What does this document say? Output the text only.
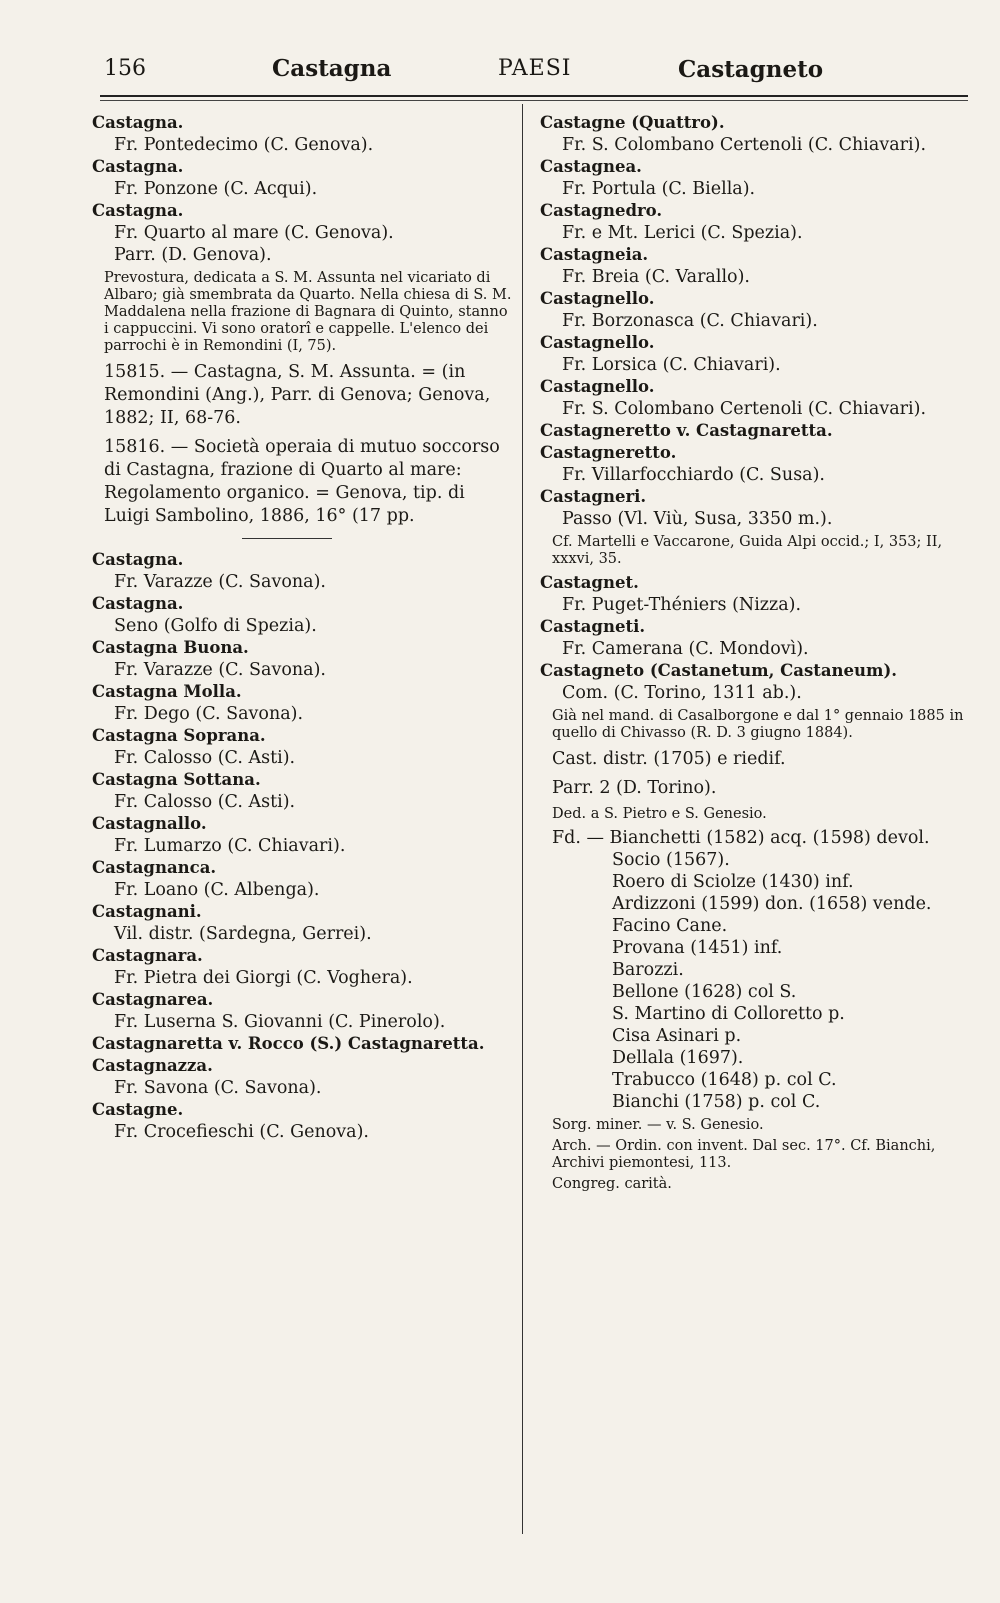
156	Castagna	PAESI	Castagneto
Castagna.
Fr. Pontedecimo (C. Genova).
Castagna.
Fr. Ponzone (C. Acqui).
Castagna.
Fr. Quarto al mare (C. Genova).
Parr. (D. Genova).
Prevostura, dedicata a S. M. Assunta nel vicariato di Albaro; già smembrata da Quarto. Nella chiesa di S. M. Maddalena nella frazione di Bagnara di Quinto, stanno i cappuccini. Vi sono oratorî e cappelle. L'elenco dei parrochi è in Remondini (I, 75).
15815. — Castagna, S. M. Assunta. = (in Remondini (Ang.), Parr. di Genova; Genova, 1882; II, 68-76.
15816. — Società operaia di mutuo soccorso di Castagna, frazione di Quarto al mare: Regolamento organico. = Genova, tip. di Luigi Sambolino, 1886, 16° (17 pp.
Castagna.
Fr. Varazze (C. Savona).
Castagna.
Seno (Golfo di Spezia).
Castagna Buona.
Fr. Varazze (C. Savona).
Castagna Molla.
Fr. Dego (C. Savona).
Castagna Soprana.
Fr. Calosso (C. Asti).
Castagna Sottana.
Fr. Calosso (C. Asti).
Castagnallo.
Fr. Lumarzo (C. Chiavari).
Castagnanca.
Fr. Loano (C. Albenga).
Castagnani.
Vil. distr. (Sardegna, Gerrei).
Castagnara.
Fr. Pietra dei Giorgi (C. Voghera).
Castagnarea.
Fr. Luserna S. Giovanni (C. Pinerolo).
Castagnaretta v. Rocco (S.) Castagnaretta.
Castagnazza.
Fr. Savona (C. Savona).
Castagne.
Fr. Crocefieschi (C. Genova).
Castagne (Quattro).
Fr. S. Colombano Certenoli (C. Chiavari).
Castagnea.
Fr. Portula (C. Biella).
Castagnedro.
Fr. e Mt. Lerici (C. Spezia).
Castagneia.
Fr. Breia (C. Varallo).
Castagnello.
Fr. Borzonasca (C. Chiavari).
Castagnello.
Fr. Lorsica (C. Chiavari).
Castagnello.
Fr. S. Colombano Certenoli (C. Chiavari).
Castagneretto v. Castagnaretta.
Castagneretto.
Fr. Villarfocchiardo (C. Susa).
Castagneri.
Passo (Vl. Viù, Susa, 3350 m.).
Cf. Martelli e Vaccarone, Guida Alpi occid.; I, 353; II, xxxvi, 35.
Castagnet.
Fr. Puget-Théniers (Nizza).
Castagneti.
Fr. Camerana (C. Mondovì).
Castagneto (Castanetum, Castaneum).
Com. (C. Torino, 1311 ab.).
Già nel mand. di Casalborgone e dal 1° gennaio 1885 in quello di Chivasso (R. D. 3 giugno 1884).
Cast. distr. (1705) e riedif.
Parr. 2 (D. Torino).
Ded. a S. Pietro e S. Genesio.
Fd. — Bianchetti (1582) acq. (1598) devol.
Socio (1567).
Roero di Sciolze (1430) inf.
Ardizzoni (1599) don. (1658) vende.
Facino Cane.
Provana (1451) inf.
Barozzi.
Bellone (1628) col S.
S. Martino di Colloretto p.
Cisa Asinari p.
Dellala (1697).
Trabucco (1648) p. col C.
Bianchi (1758) p. col C.
Sorg. miner. — v. S. Genesio.
Arch. — Ordin. con invent. Dal sec. 17°. Cf. Bianchi, Archivi piemontesi, 113.
Congreg. carità.
